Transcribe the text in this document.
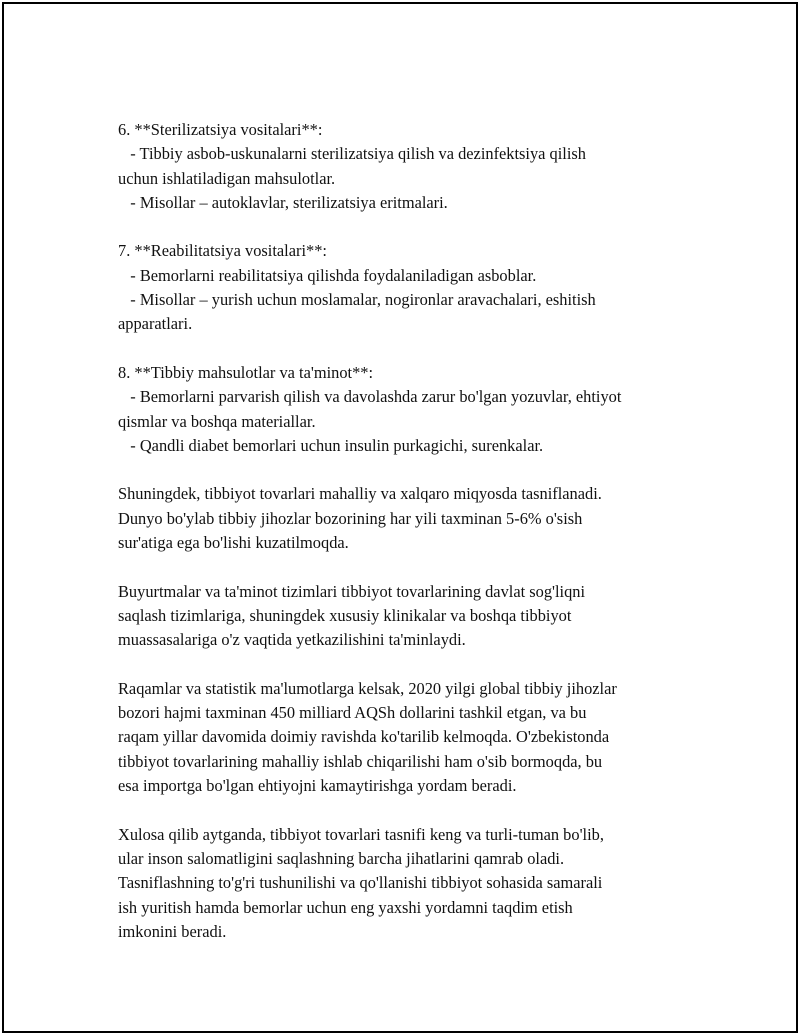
6. **Sterilizatsiya vositalari**:
- Tibbiy asbob-uskunalarni sterilizatsiya qilish va dezinfektsiya qilish
uchun ishlatiladigan mahsulotlar.
- Misollar – autoklavlar, sterilizatsiya eritmalari.
7. **Reabilitatsiya vositalari**:
- Bemorlarni reabilitatsiya qilishda foydalaniladigan asboblar.
- Misollar – yurish uchun moslamalar, nogironlar aravachalari, eshitish
apparatlari.
8. **Tibbiy mahsulotlar va ta'minot**:
- Bemorlarni parvarish qilish va davolashda zarur bo'lgan yozuvlar, ehtiyot
qismlar va boshqa materiallar.
- Qandli diabet bemorlari uchun insulin purkagichi, surenkalar.
Shuningdek, tibbiyot tovarlari mahalliy va xalqaro miqyosda tasniflanadi.
Dunyo bo'ylab tibbiy jihozlar bozorining har yili taxminan 5-6% o'sish
sur'atiga ega bo'lishi kuzatilmoqda.
Buyurtmalar va ta'minot tizimlari tibbiyot tovarlarining davlat sog'liqni
saqlash tizimlariga, shuningdek xususiy klinikalar va boshqa tibbiyot
muassasalariga o'z vaqtida yetkazilishini ta'minlaydi.
Raqamlar va statistik ma'lumotlarga kelsak, 2020 yilgi global tibbiy jihozlar
bozori hajmi taxminan 450 milliard AQSh dollarini tashkil etgan, va bu
raqam yillar davomida doimiy ravishda ko'tarilib kelmoqda. O'zbekistonda
tibbiyot tovarlarining mahalliy ishlab chiqarilishi ham o'sib bormoqda, bu
esa importga bo'lgan ehtiyojni kamaytirishga yordam beradi.
Xulosa qilib aytganda, tibbiyot tovarlari tasnifi keng va turli-tuman bo'lib,
ular inson salomatligini saqlashning barcha jihatlarini qamrab oladi.
Tasniflashning to'g'ri tushunilishi va qo'llanishi tibbiyot sohasida samarali
ish yuritish hamda bemorlar uchun eng yaxshi yordamni taqdim etish
imkonini beradi.
